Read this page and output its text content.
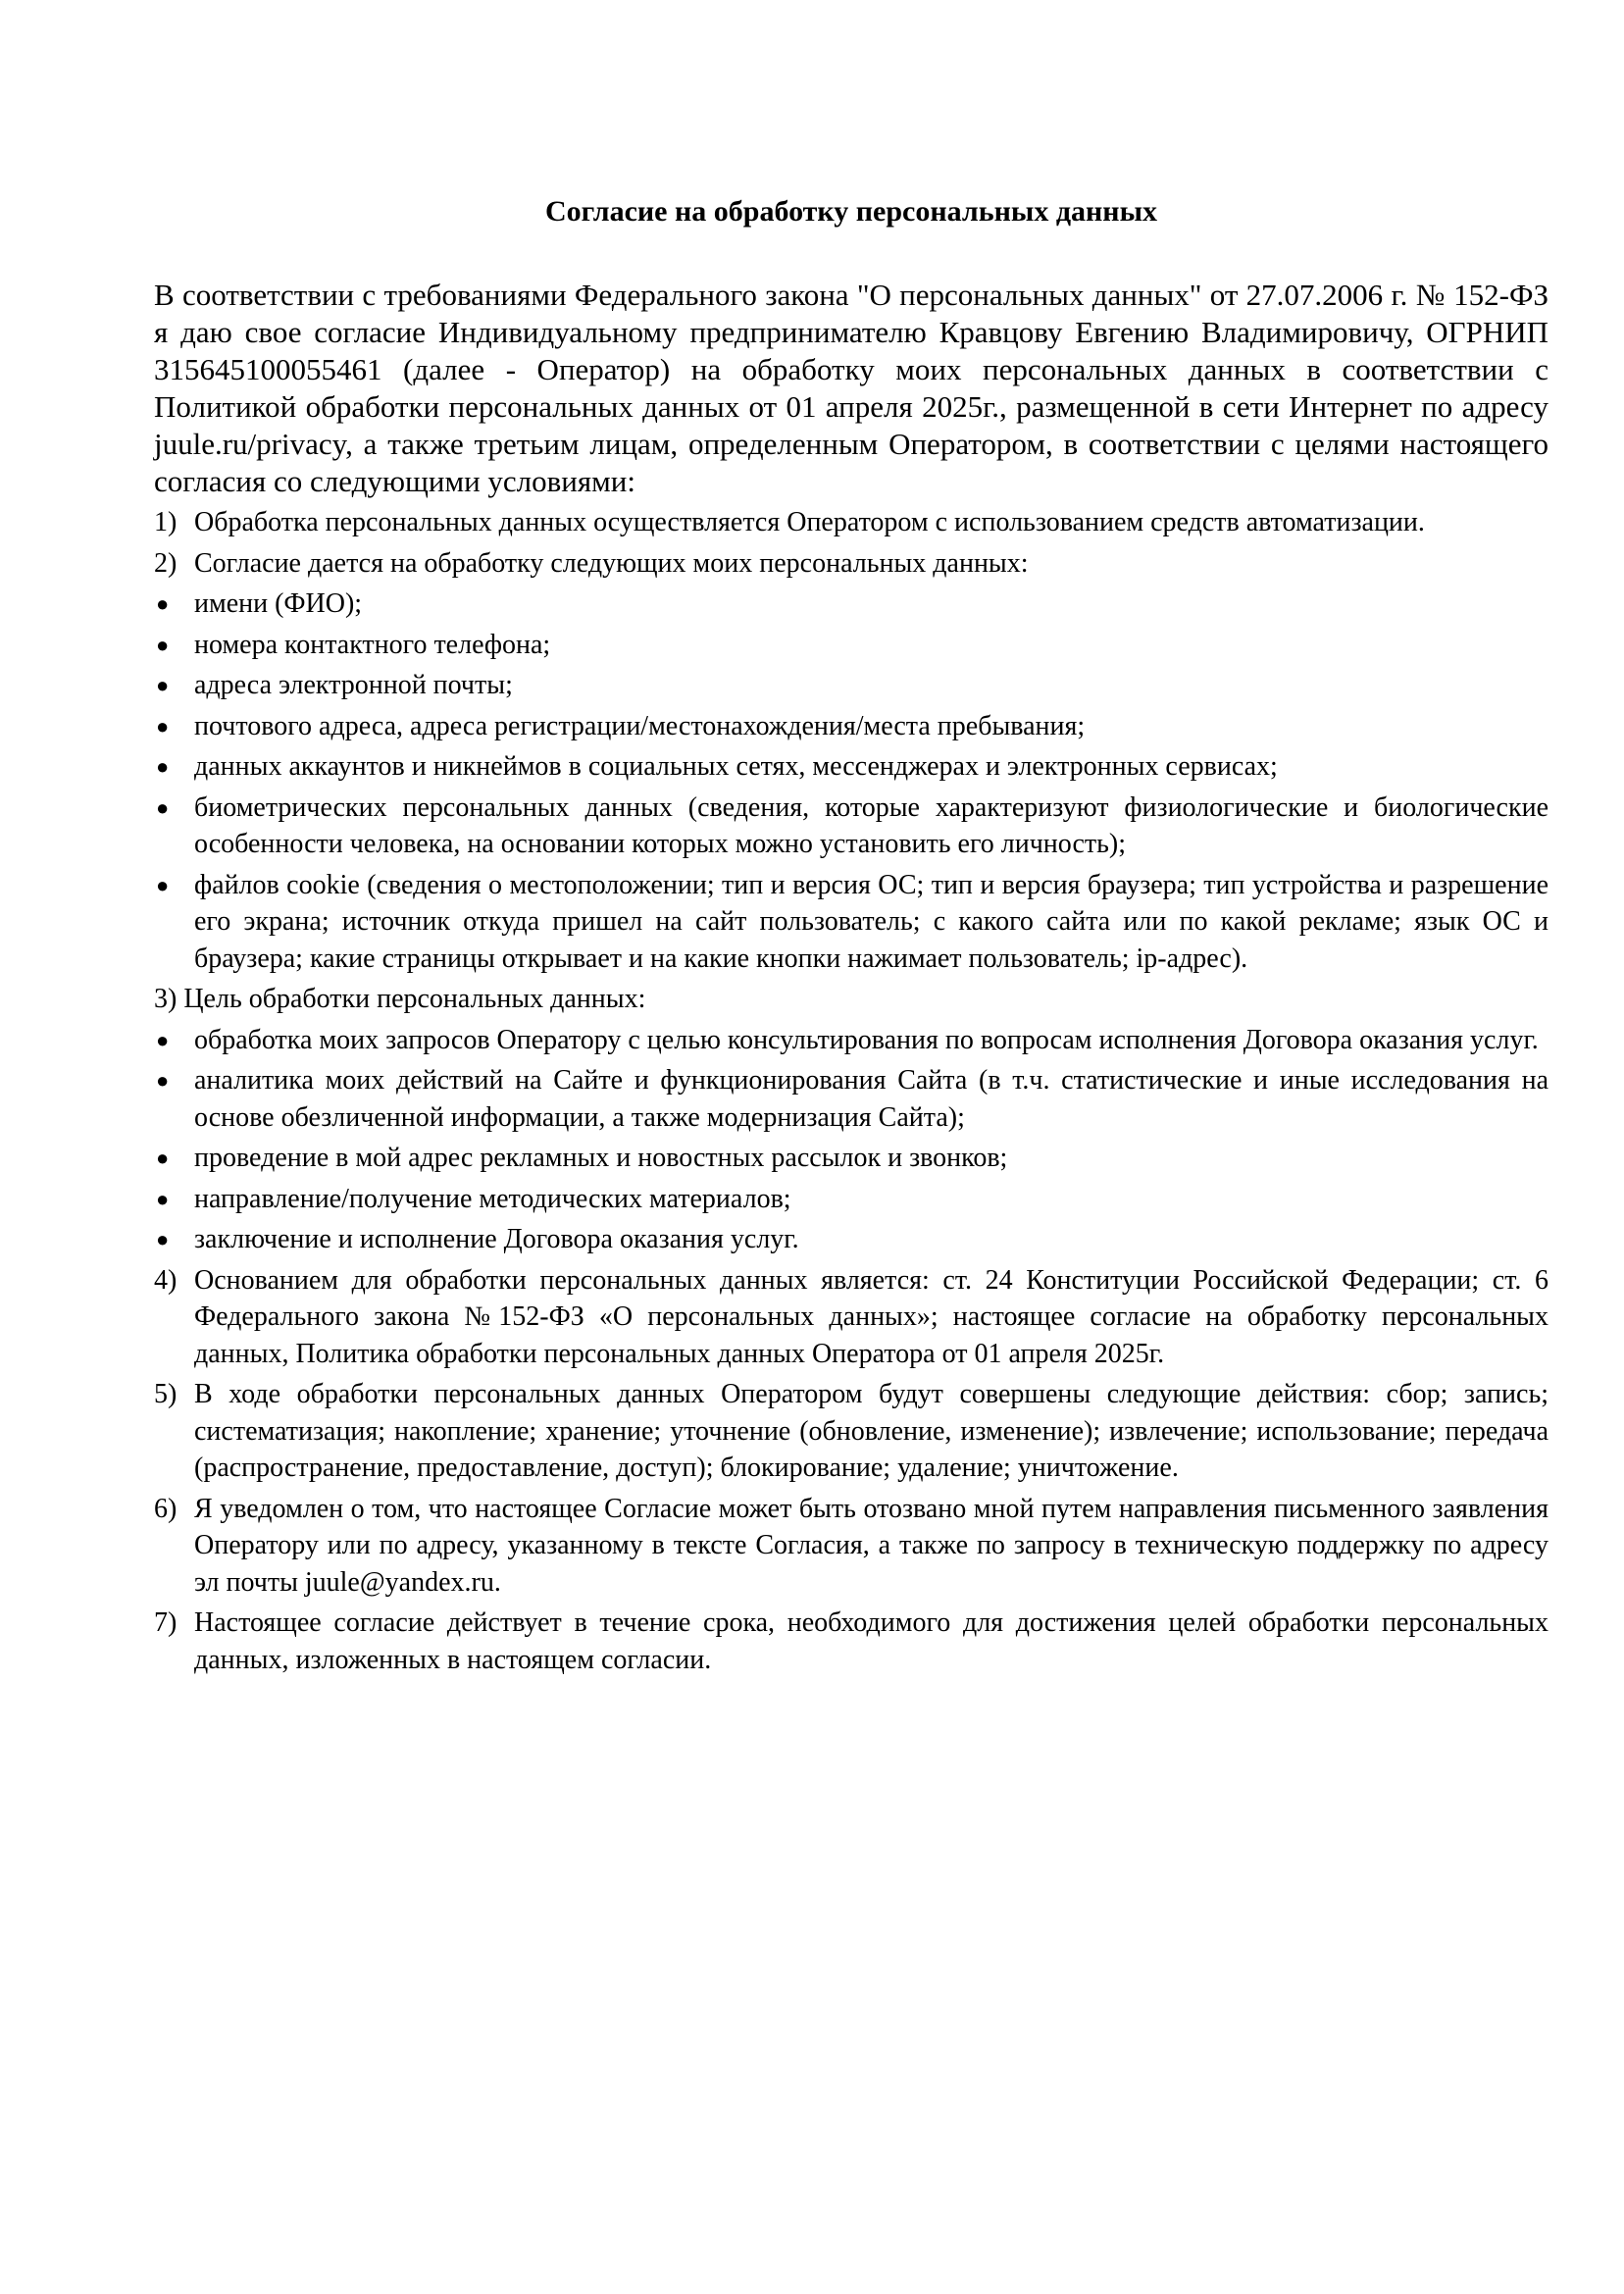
Согласие на обработку персональных данных

В соответствии с требованиями Федерального закона "О персональных данных" от 27.07.2006 г. № 152-ФЗ я даю свое согласие Индивидуальному предпринимателю Кравцову Евгению Владимировичу, ОГРНИП 315645100055461 (далее - Оператор) на обработку моих персональных данных в соответствии с Политикой обработки персональных данных от 01 апреля 2025г., размещенной в сети Интернет по адресу juule.ru/privacy, а также третьим лицам, определенным Оператором, в соответствии с целями настоящего согласия со следующими условиями:

1) Обработка персональных данных осуществляется Оператором с использованием средств автоматизации.
2) Согласие дается на обработку следующих моих персональных данных:
● имени (ФИО);
● номера контактного телефона;
● адреса электронной почты;
● почтового адреса, адреса регистрации/местонахождения/места пребывания;
● данных аккаунтов и никнеймов в социальных сетях, мессенджерах и электронных сервисах;
● биометрических персональных данных (сведения, которые характеризуют физиологические и биологические особенности человека, на основании которых можно установить его личность);
● файлов cookie (сведения о местоположении; тип и версия ОС; тип и версия браузера; тип устройства и разрешение его экрана; источник откуда пришел на сайт пользователь; с какого сайта или по какой рекламе; язык ОС и браузера; какие страницы открывает и на какие кнопки нажимает пользователь; ip-адрес).
3) Цель обработки персональных данных:
● обработка моих запросов Оператору с целью консультирования по вопросам исполнения Договора оказания услуг.
● аналитика моих действий на Сайте и функционирования Сайта (в т.ч. статистические и иные исследования на основе обезличенной информации, а также модернизация Сайта);
● проведение в мой адрес рекламных и новостных рассылок и звонков;
● направление/получение методических материалов;
● заключение и исполнение Договора оказания услуг.
4) Основанием для обработки персональных данных является: ст. 24 Конституции Российской Федерации; ст. 6 Федерального закона №152-ФЗ «О персональных данных»; настоящее согласие на обработку персональных данных, Политика обработки персональных данных Оператора от 01 апреля 2025г.
5) В ходе обработки персональных данных Оператором будут совершены следующие действия: сбор; запись; систематизация; накопление; хранение; уточнение (обновление, изменение); извлечение; использование; передача (распространение, предоставление, доступ); блокирование; удаление; уничтожение.
6) Я уведомлен о том, что настоящее Согласие может быть отозвано мной путем направления письменного заявления Оператору или по адресу, указанному в тексте Согласия, а также по запросу в техническую поддержку по адресу эл почты juule@yandex.ru.
7) Настоящее согласие действует в течение срока, необходимого для достижения целей обработки персональных данных, изложенных в настоящем согласии.
